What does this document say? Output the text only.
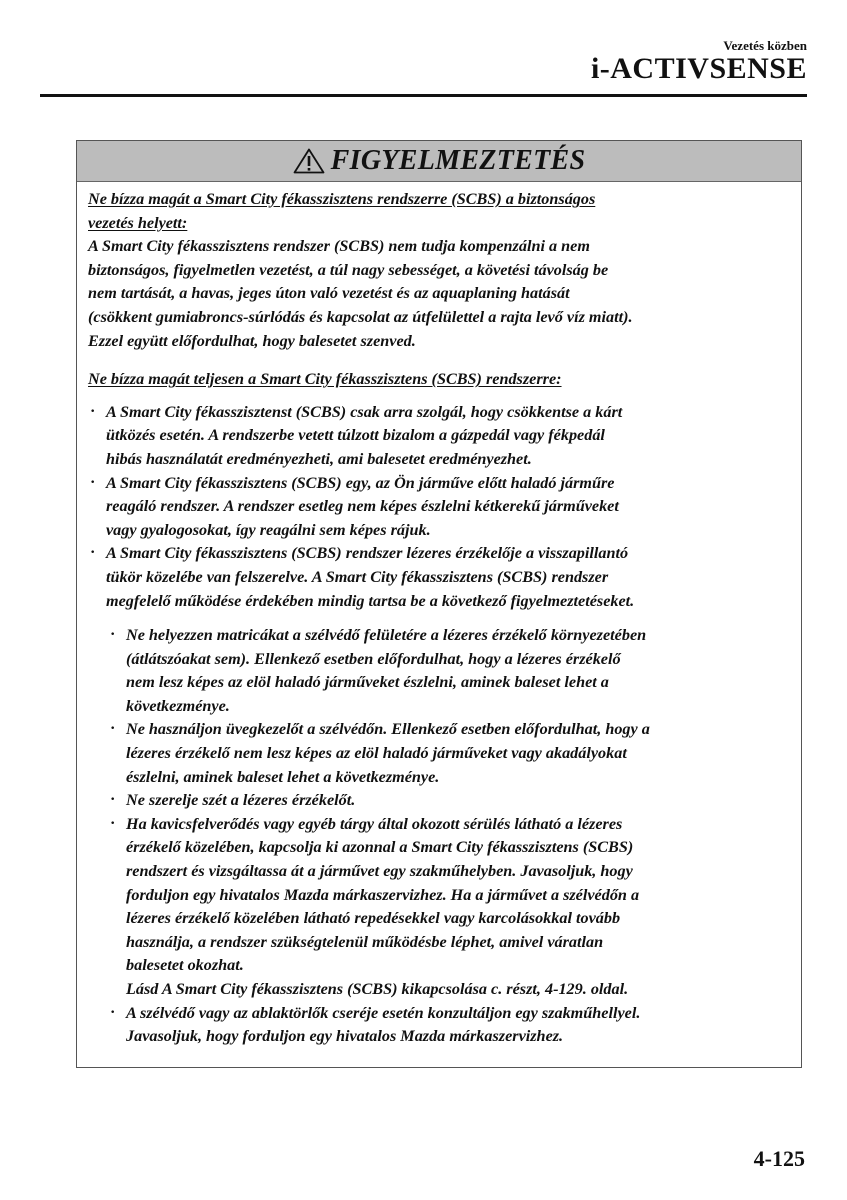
Vezetés közben
i-ACTIVSENSE
FIGYELMEZTETÉS

Ne bízza magát a Smart City fékasszisztens rendszerre (SCBS) a biztonságos
vezetés helyett:

A Smart City fékasszisztens rendszer (SCBS) nem tudja kompenzálni a nem
biztonságos, figyelmetlen vezetést, a túl nagy sebességet, a követési távolság be
nem tartását, a havas, jeges úton való vezetést és az aquaplaning hatását
(csökkent gumiabroncs-súrlódás és kapcsolat az útfelülettel a rajta levő víz miatt).
Ezzel együtt előfordulhat, hogy balesetet szenved.

Ne bízza magát teljesen a Smart City fékasszisztens (SCBS) rendszerre:

· A Smart City fékasszisztenst (SCBS) csak arra szolgál, hogy csökkentse a kárt
ütközés esetén. A rendszerbe vetett túlzott bizalom a gázpedál vagy fékpedál
hibás használatát eredményezheti, ami balesetet eredményezhet.
· A Smart City fékasszisztens (SCBS) egy, az Ön járműve előtt haladó járműre
reagáló rendszer. A rendszer esetleg nem képes észlelni kétkerekű járműveket
vagy gyalogosokat, így reagálni sem képes rájuk.
· A Smart City fékasszisztens (SCBS) rendszer lézeres érzékelője a visszapillantó
tükör közelébe van felszerelve. A Smart City fékasszisztens (SCBS) rendszer
megfelelő működése érdekében mindig tartsa be a következő figyelmeztetéseket.
· Ne helyezzen matricákat a szélvédő felületére a lézeres érzékelő környezetében
(átlátszóakat sem). Ellenkező esetben előfordulhat, hogy a lézeres érzékelő
nem lesz képes az elöl haladó járműveket észlelni, aminek baleset lehet a
következménye.
· Ne használjon üvegkezelőt a szélvédőn. Ellenkező esetben előfordulhat, hogy a
lézeres érzékelő nem lesz képes az elöl haladó járműveket vagy akadályokat
észlelni, aminek baleset lehet a következménye.
· Ne szerelje szét a lézeres érzékelőt.
· Ha kavicsfelverődés vagy egyéb tárgy által okozott sérülés látható a lézeres
érzékelő közelében, kapcsolja ki azonnal a Smart City fékasszisztens (SCBS)
rendszert és vizsgáltassa át a járművet egy szakműhelyben. Javasoljuk, hogy
forduljon egy hivatalos Mazda márkaszervizhez. Ha a járművet a szélvédőn a
lézeres érzékelő közelében látható repedésekkel vagy karcolásokkal tovább
használja, a rendszer szükségtelenül működésbe léphet, amivel váratlan
balesetet okozhat.
Lásd A Smart City fékasszisztens (SCBS) kikapcsolása c. részt, 4-129. oldal.
· A szélvédő vagy az ablaktörlők cseréje esetén konzultáljon egy szakműhellyel.
Javasoljuk, hogy forduljon egy hivatalos Mazda márkaszervizhez.
4-125
